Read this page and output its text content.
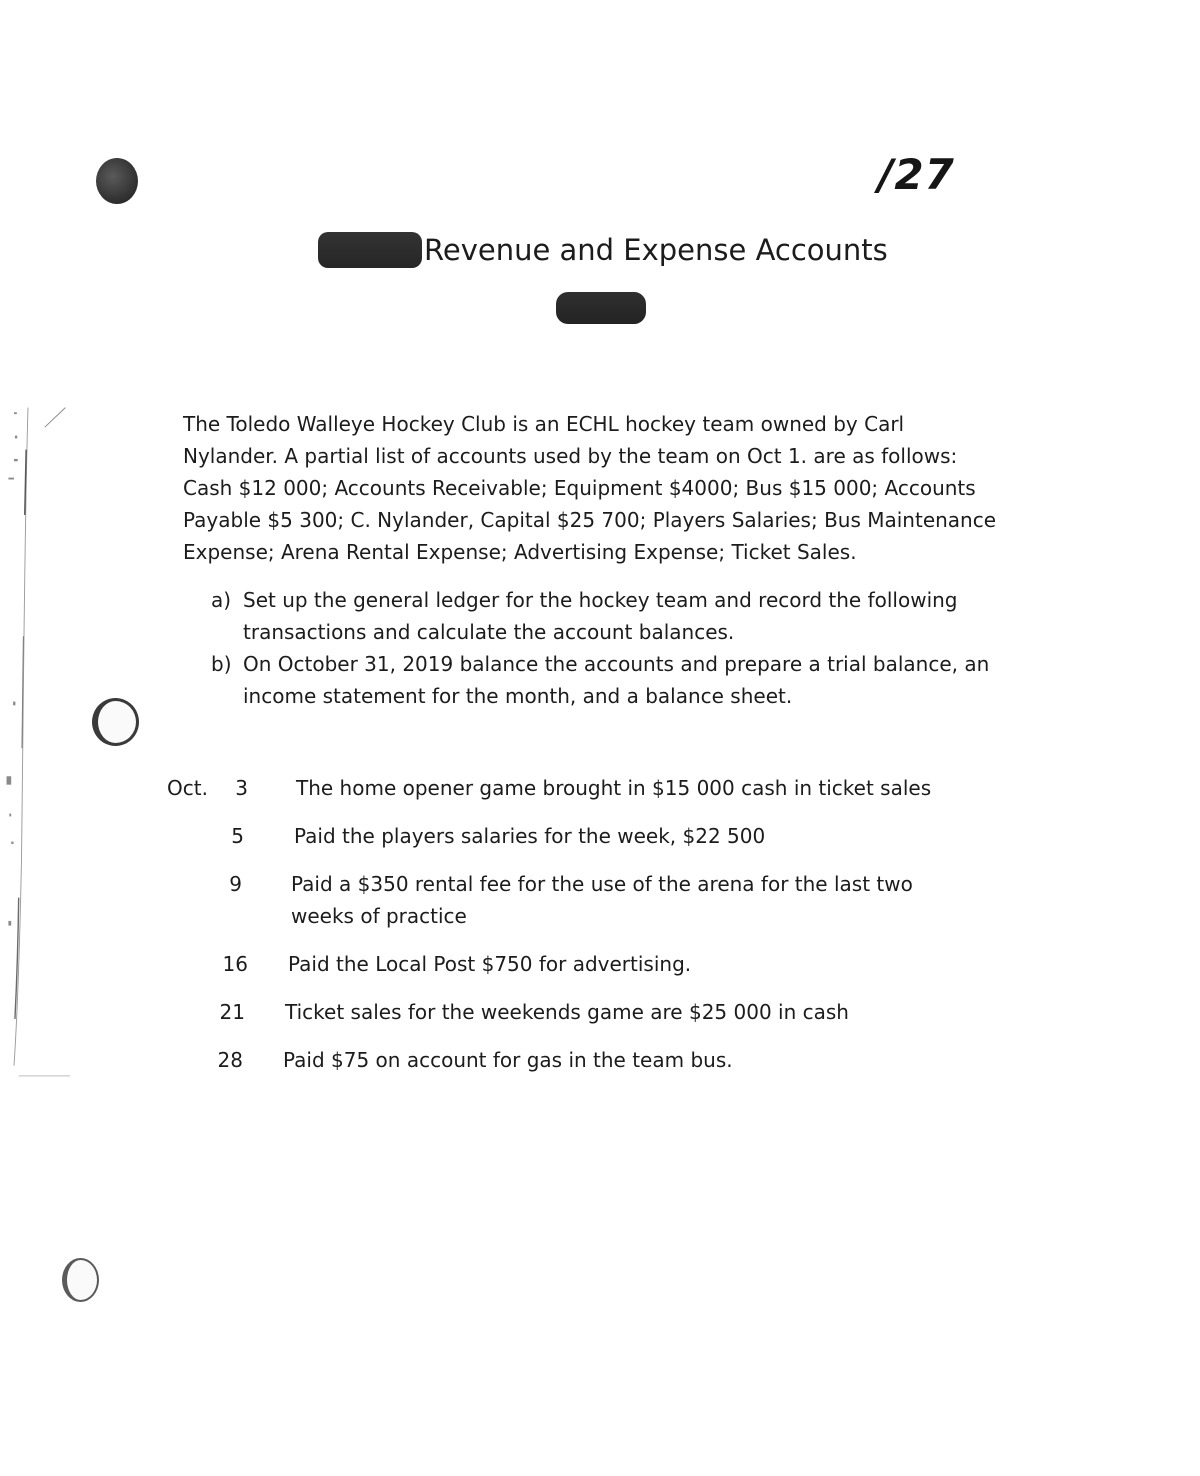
/27
Revenue and Expense Accounts
The Toledo Walleye Hockey Club is an ECHL hockey team owned by Carl
Nylander. A partial list of accounts used by the team on Oct 1. are as follows:
Cash $12 000; Accounts Receivable; Equipment $4000; Bus $15 000; Accounts
Payable $5 300; C. Nylander, Capital $25 700; Players Salaries; Bus Maintenance
Expense; Arena Rental Expense; Advertising Expense; Ticket Sales.
a) Set up the general ledger for the hockey team and record the following
transactions and calculate the account balances.
b) On October 31, 2019 balance the accounts and prepare a trial balance, an
income statement for the month, and a balance sheet.
Oct.	3 The home opener game brought in $15 000 cash in ticket sales
5	Paid the players salaries for the week, $22 500
9 Paid a $350 rental fee for the use of the arena for the last two
weeks of practice
16 Paid the Local Post $750 for advertising.
21 Ticket sales for the weekends game are $25 000 in cash
28 Paid $75 on account for gas in the team bus.
